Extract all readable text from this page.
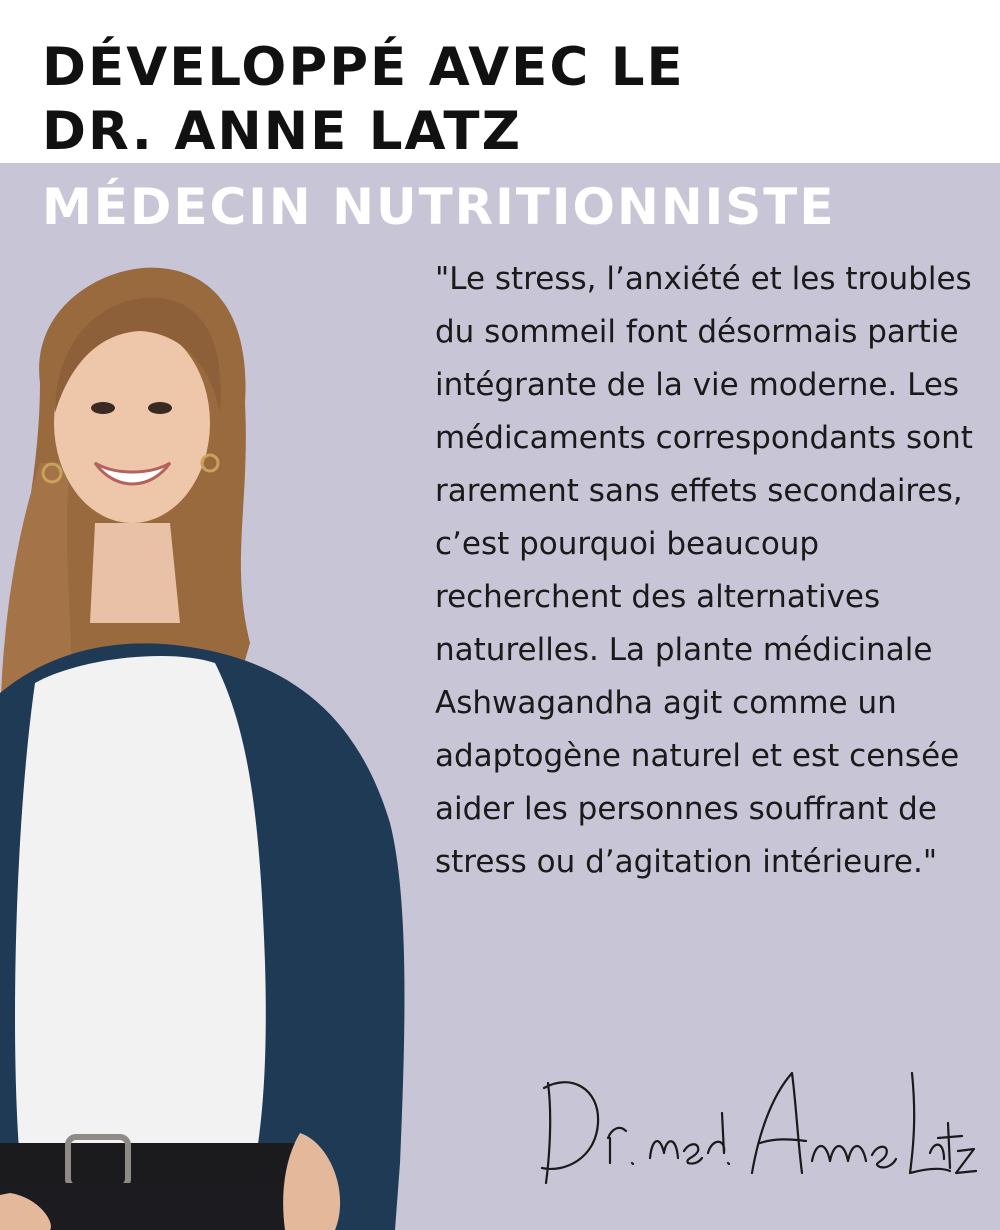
DÉVELOPPÉ AVEC LE
DR. ANNE LATZ
MÉDECIN NUTRITIONNISTE

"Le stress, l’anxiété et les troubles du sommeil font désormais partie intégrante de la vie moderne. Les médicaments correspondants sont rarement sans effets secondaires, c’est pourquoi beaucoup recherchent des alternatives naturelles. La plante médicinale Ashwagandha agit comme un adaptogène naturel et est censée aider les personnes souffrant de stress ou d’agitation intérieure."
